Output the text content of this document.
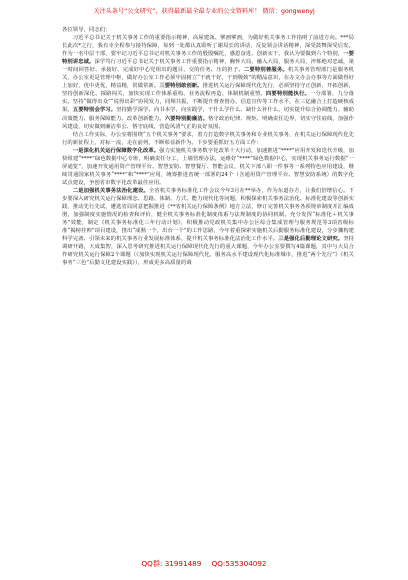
关注头条号“公文研究”，获得最新最全最专业的公文资料库！ 微信：gongwenyj

各位领导，同志们：

习近平总书记关于机关事务工作的重要指示精神，高屋建瓴、擘画擘画，为做好机关事务工作指明了前进方向。***局长此次*之行，我有幸全程参与接待保障，每到一处都认真聆听了谢局长的讲话，反复领会讲话精神，深受鼓舞深受启发。作为一名中层干部，要牢记习近平总书记对机关事务工作的殷殷嘱托，感恩奋进、创新实干，我认为要做到六个特别，一要特别讲忠诚。深学笃行习近平总书记关于机关事务工作重要指示精神，胸怀大局，融入大局，服务大局，淬炼绝对忠诚，第一时间回答好、承接好、完成好中心党组出的题目，交的任务、压的担子。二要特别善服务。机关事务管理部门是服务机关，办公室更是管理中枢，做好办公室工作必须牢固树立“干就干好，干到极致”的精品意识，在办文办会办事等方面做得好上加好，优中更优，精益精，常做常新。三要特别敢创新。推进机关运行保障现代化先行，必须坚持守正创新，开拓创新，坚持创新深化、探路闯关，加快实现工作体系重构、业务流程再造、体制机制重塑。四要特别能执行。一分部署，九分落实。坚持“做得出众”“说得出彩”协同发力，同频共振，不断提升督查督办、信息宣传等工作水平，在三亿融合上打造硬核成果。五要特别会学习。坚持勤学深学、向书本学、向实践学，干什么学什么、缺什么补什么，切实提升综合协调能力、辅助决策能力、服务保障能力、改革创新能力。六要特别勤廉洁。恪守政治纪律、规矩、明确责任边界，切实守住底线，加强作风建设，切实做到廉洁奉公、恪守底线，营造风清气正的良好氛围。

结合工作实际，办公室将围绕“五个机关事务”要求，着力打造数字机关事务和专业机关事务，在机关运行保障现代化先行的新征程上，对标一流，走在前列，不断彰显新作为。下步要重抓好五方面工作：

一是深化机关运行保障数字化改革。强力实施机关事务数字化改革十大行动，加速推进“****”应用开发和迭代升级，加快组建“****”绿色数据中心专班，明确责任分工，上墙管理办法，运维好“****”绿色数据中心，实现机关事务运行数据“一屏通览”，加速开发通用资产管理平台、智慧安防、智慧餐厅、智能会议，机关下部八职一件事等一系列特色应用建设，继续贯通国家机关事务“****”和“****”应用，统筹推进省统一部署的24个（含通用资产管理平台、智慧安防系统）的数字化试点建设，争创省市数字化改革最佳应用。

二是加强机关事务法治化建设。全省机关事务标准化工作会议今年3月在**举办，作为东道办方，让我们倍增信心。下步要深入研究机关运行保障理念、思路、体制、方式、能力现代化等问题，积极探索机关事务法治化、标准化建设等创新实践，推动先行先试，遴选省局同意把握推进《**省机关运行保障条例》地方立法，修订完善机关事务各项规章制度并汇编成册，加强制度实施情况的检查和评价，健全机关事务标准化制度体系与法规制度的协同机制。充分发挥“标准化＋机关事务”效能，制定《机关事务标准化三年行动计划》，积极推动党政机关集中办公区综合集成管理与服务规范等3项省级标准“揭榜挂帅”项目建设，推出“成熟一个，出台一个”的工作思路，今年着重探索实施机关后勤服务标准化建设，分步骤构建科学完备、引领未来的机关事务行业发展标准体系，提升机关事务标准化法治化工作水平。三是强化后勤理论文研究。坚持调研开路，大成集智，深入思考研究推进机关运行保障现代化先行的重大课题，今年办公室要撰写4篇课题，其中与大员合作研究机关运行保障2个课题（《加快实现机关运行保障现代化，服务高水平建设现代化标准城市，推进“两个先行”》《机关事务“三色”后勤文化建设实践》），形成更多高质量的调

QQ群: 31991489 QQ:535304092
